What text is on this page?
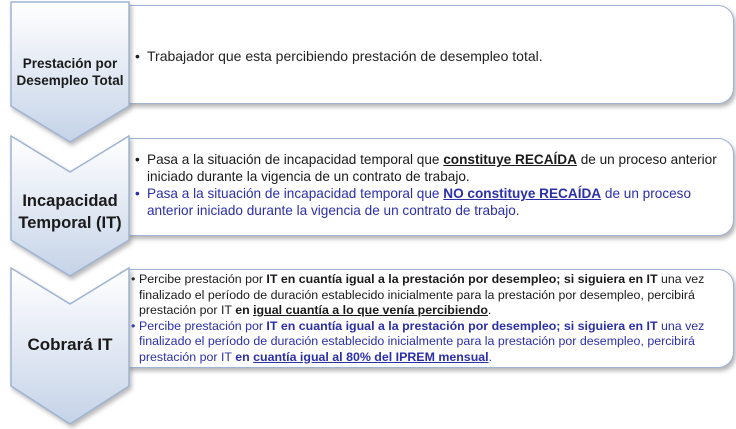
Prestación por Desempleo Total
Incapacidad Temporal (IT)
Cobrará IT
• Trabajador que esta percibiendo prestación de desempleo total.
• Pasa a la situación de incapacidad temporal que constituye RECAÍDA de un proceso anterior iniciado durante la vigencia de un contrato de trabajo.
• Pasa a la situación de incapacidad temporal que NO constituye RECAÍDA de un proceso anterior iniciado durante la vigencia de un contrato de trabajo.
• Percibe prestación por IT en cuantía igual a la prestación por desempleo; si siguiera en IT una vez finalizado el período de duración establecido inicialmente para la prestación por desempleo, percibirá prestación por IT en igual cuantía a lo que venía percibiendo.
• Percibe prestación por IT en cuantía igual a la prestación por desempleo; si siguiera en IT una vez finalizado el período de duración establecido inicialmente para la prestación por desempleo, percibirá prestación por IT en cuantía igual al 80% del IPREM mensual.
